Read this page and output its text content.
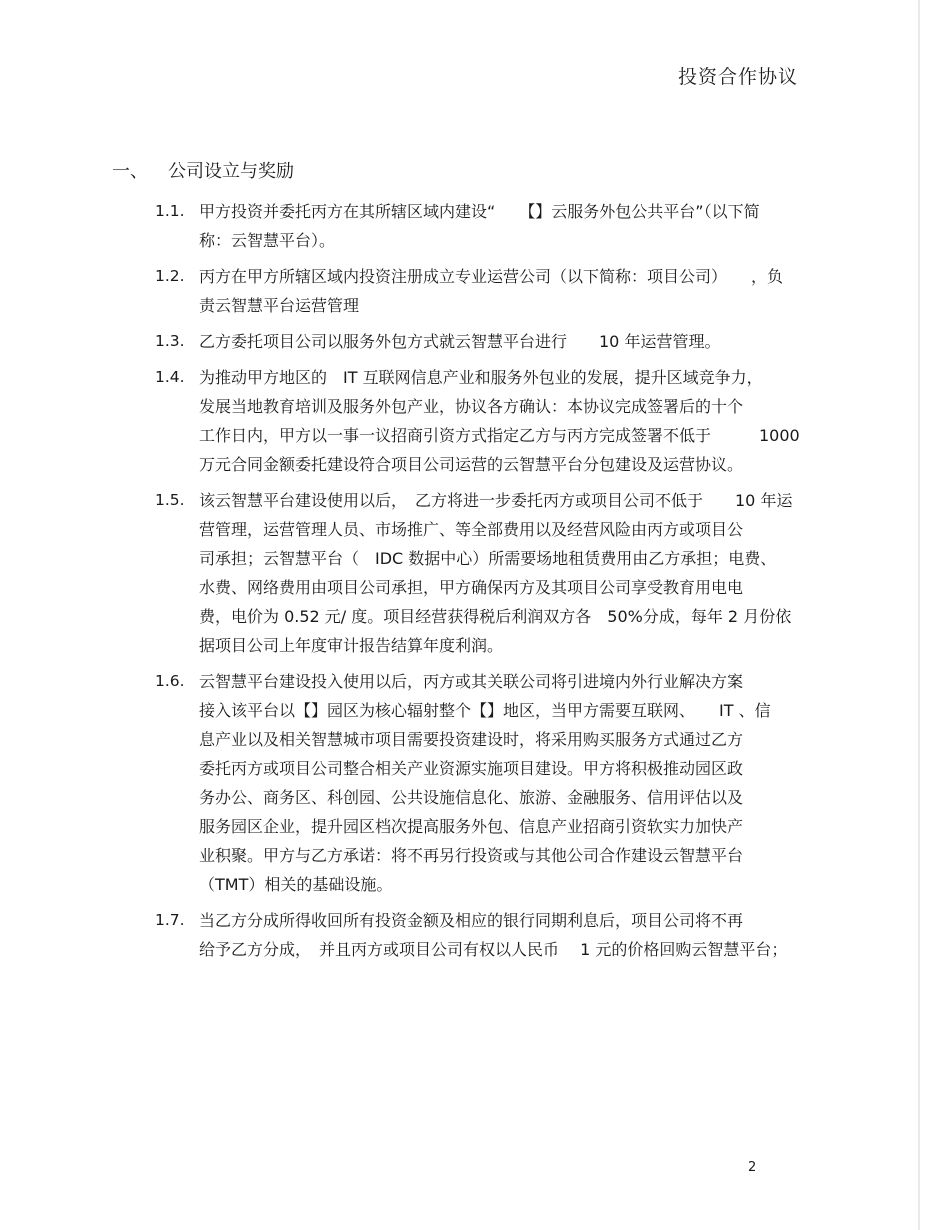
投资合作协议
一、	公司设立与奖励
1.1. 甲方投资并委托丙方在其所辖区域内建设“　　【】云服务外包公共平台”（以下简
称：云智慧平台）。
1.2. 丙方在甲方所辖区域内投资注册成立专业运营公司（以下简称：项目公司）　　，负
责云智慧平台运营管理
1.3. 乙方委托项目公司以服务外包方式就云智慧平台进行　　10 年运营管理。
1.4. 为推动甲方地区的　IT 互联网信息产业和服务外包业的发展，提升区域竞争力，
发展当地教育培训及服务外包产业，协议各方确认：本协议完成签署后的十个
工作日内，甲方以一事一议招商引资方式指定乙方与丙方完成签署不低于　　　1000
万元合同金额委托建设符合项目公司运营的云智慧平台分包建设及运营协议。
1.5. 该云智慧平台建设使用以后，　乙方将进一步委托丙方或项目公司不低于　　10 年运
营管理，运营管理人员、市场推广、等全部费用以及经营风险由丙方或项目公
司承担；云智慧平台（　IDC 数据中心）所需要场地租赁费用由乙方承担；电费、
水费、网络费用由项目公司承担，甲方确保丙方及其项目公司享受教育用电电
费，电价为 0.52 元/ 度。项目经营获得税后利润双方各　50%分成，每年 2 月份依
据项目公司上年度审计报告结算年度利润。
1.6. 云智慧平台建设投入使用以后，丙方或其关联公司将引进境内外行业解决方案
接入该平台以【】园区为核心辐射整个【】地区，当甲方需要互联网、　　IT 、信
息产业以及相关智慧城市项目需要投资建设时，将采用购买服务方式通过乙方
委托丙方或项目公司整合相关产业资源实施项目建设。甲方将积极推动园区政
务办公、商务区、科创园、公共设施信息化、旅游、金融服务、信用评估以及
服务园区企业，提升园区档次提高服务外包、信息产业招商引资软实力加快产
业积聚。甲方与乙方承诺：将不再另行投资或与其他公司合作建设云智慧平台
（TMT）相关的基础设施。
1.7. 当乙方分成所得收回所有投资金额及相应的银行同期利息后，项目公司将不再
给予乙方分成，　并且丙方或项目公司有权以人民币　 1 元的价格回购云智慧平台；
2
